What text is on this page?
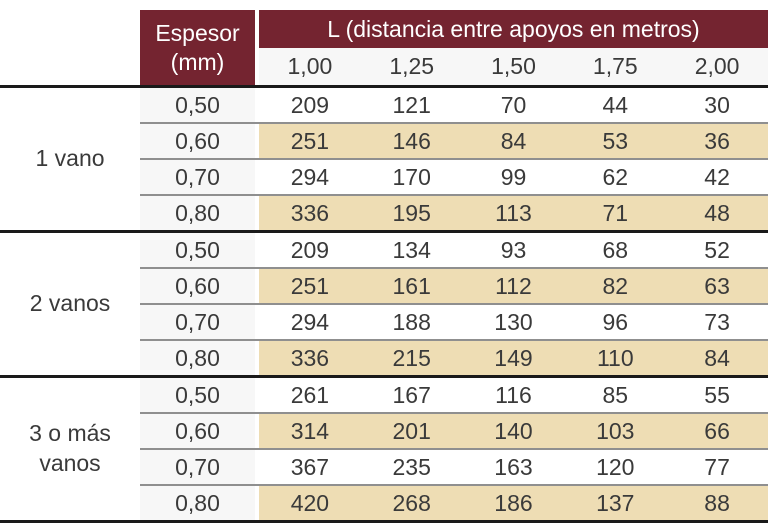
Espesor
(mm)
L (distancia entre apoyos en metros)
1,00	1,25	1,50	1,75	2,00
1 vano
0,50	209	121	70	44	30
0,60	251	146	84	53	36
0,70	294	170	99	62	42
0,80	336	195	113	71	48
2 vanos
0,50	209	134	93	68	52
0,60	251	161	112	82	63
0,70	294	188	130	96	73
0,80	336	215	149	110	84
3 o más vanos
0,50	261	167	116	85	55
0,60	314	201	140	103	66
0,70	367	235	163	120	77
0,80	420	268	186	137	88
